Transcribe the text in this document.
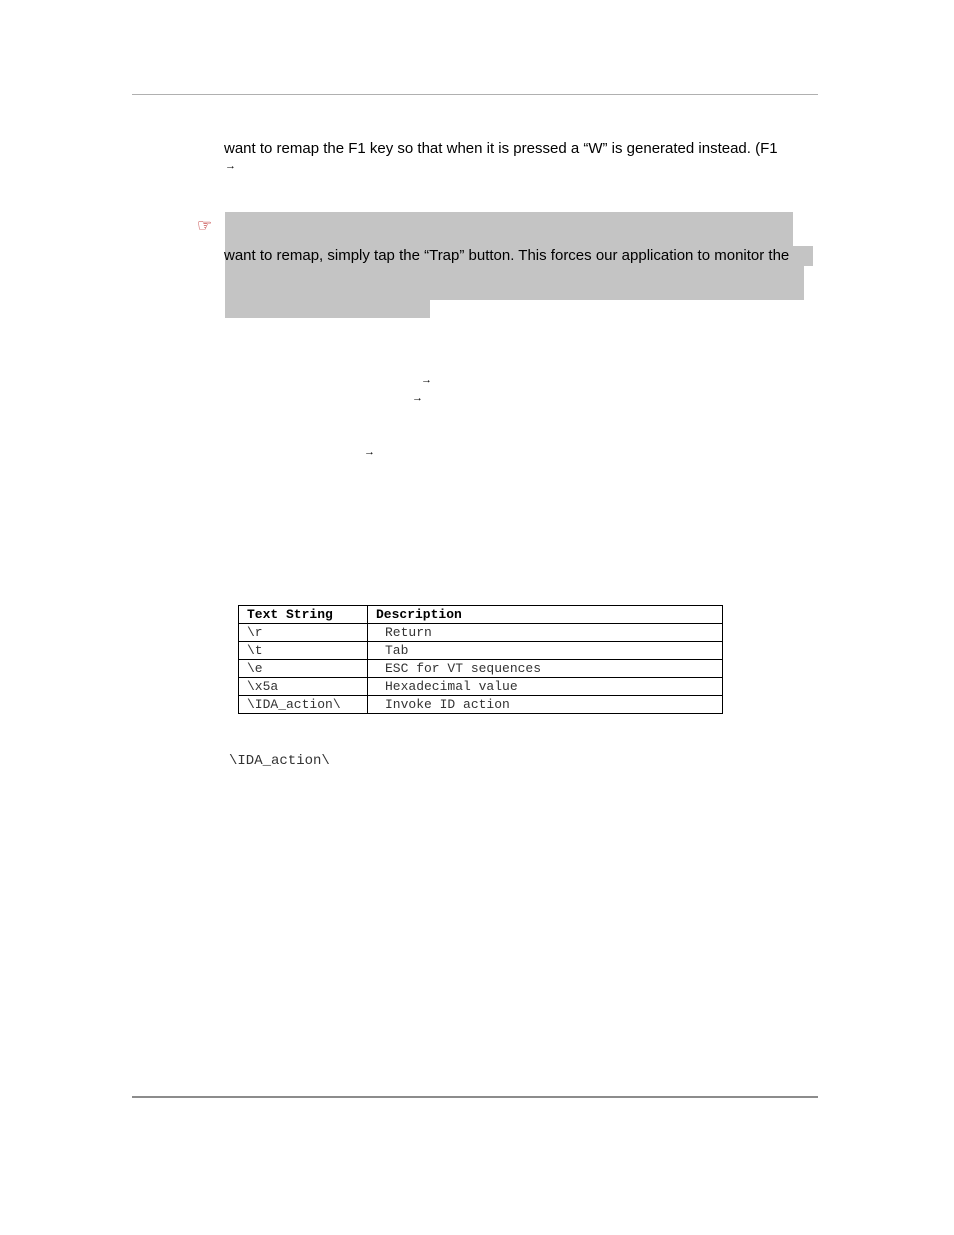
want to remap the F1 key so that when it is pressed a “W” is generated instead. (F1
→
☞
want to remap, simply tap the “Trap” button. This forces our application to monitor the
→
→
→
Text String	Description
\r	Return
\t	Tab
\e	ESC for VT sequences
\x5a	Hexadecimal value
\IDA_action\	Invoke ID action
\IDA_action\
